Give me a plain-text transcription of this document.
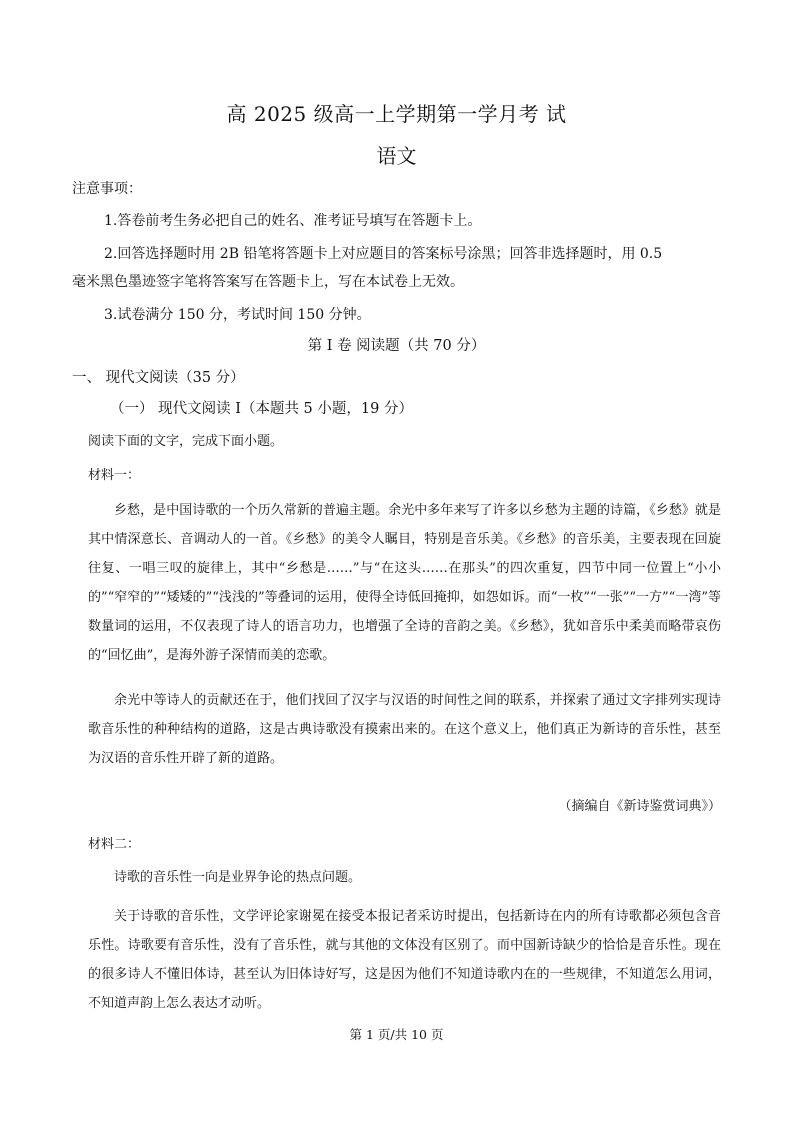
高 2025 级高一上学期第一学月考 试
语文
注意事项：
1.答卷前考生务必把自己的姓名、准考证号填写在答题卡上。
2.回答选择题时用 2B 铅笔将答题卡上对应题目的答案标号涂黑；回答非选择题时，用 0.5
毫米黑色墨迹签字笔将答案写在答题卡上，写在本试卷上无效。
3.试卷满分 150 分，考试时间 150 分钟。
第 I 卷 阅读题（共 70 分）
一、 现代文阅读（35 分）
（一） 现代文阅读 I（本题共 5 小题，19 分）
阅读下面的文字，完成下面小题。
材料一：
乡愁，是中国诗歌的一个历久常新的普遍主题。余光中多年来写了许多以乡愁为主题的诗篇，《乡愁》就是其中情深意长、音调动人的一首。《乡愁》的美令人瞩目，特别是音乐美。《乡愁》的音乐美，主要表现在回旋往复、一唱三叹的旋律上，其中“乡愁是……”与“在这头……在那头”的四次重复，四节中同一位置上“小小的”“窄窄的”“矮矮的”“浅浅的”等叠词的运用，使得全诗低回掩抑，如怨如诉。而“一枚”“一张”“一方”“一湾”等数量词的运用，不仅表现了诗人的语言功力，也增强了全诗的音韵之美。《乡愁》，犹如音乐中柔美而略带哀伤的“回忆曲”，是海外游子深情而美的恋歌。
余光中等诗人的贡献还在于，他们找回了汉字与汉语的时间性之间的联系，并探索了通过文字排列实现诗歌音乐性的种种结构的道路，这是古典诗歌没有摸索出来的。在这个意义上，他们真正为新诗的音乐性，甚至为汉语的音乐性开辟了新的道路。
（摘编自《新诗鉴赏词典》）
材料二：
诗歌的音乐性一向是业界争论的热点问题。
关于诗歌的音乐性，文学评论家谢冕在接受本报记者采访时提出，包括新诗在内的所有诗歌都必须包含音乐性。诗歌要有音乐性，没有了音乐性，就与其他的文体没有区别了。而中国新诗缺少的恰恰是音乐性。现在的很多诗人不懂旧体诗，甚至认为旧体诗好写，这是因为他们不知道诗歌内在的一些规律，不知道怎么用词，不知道声韵上怎么表达才动听。
第 1 页/共 10 页
